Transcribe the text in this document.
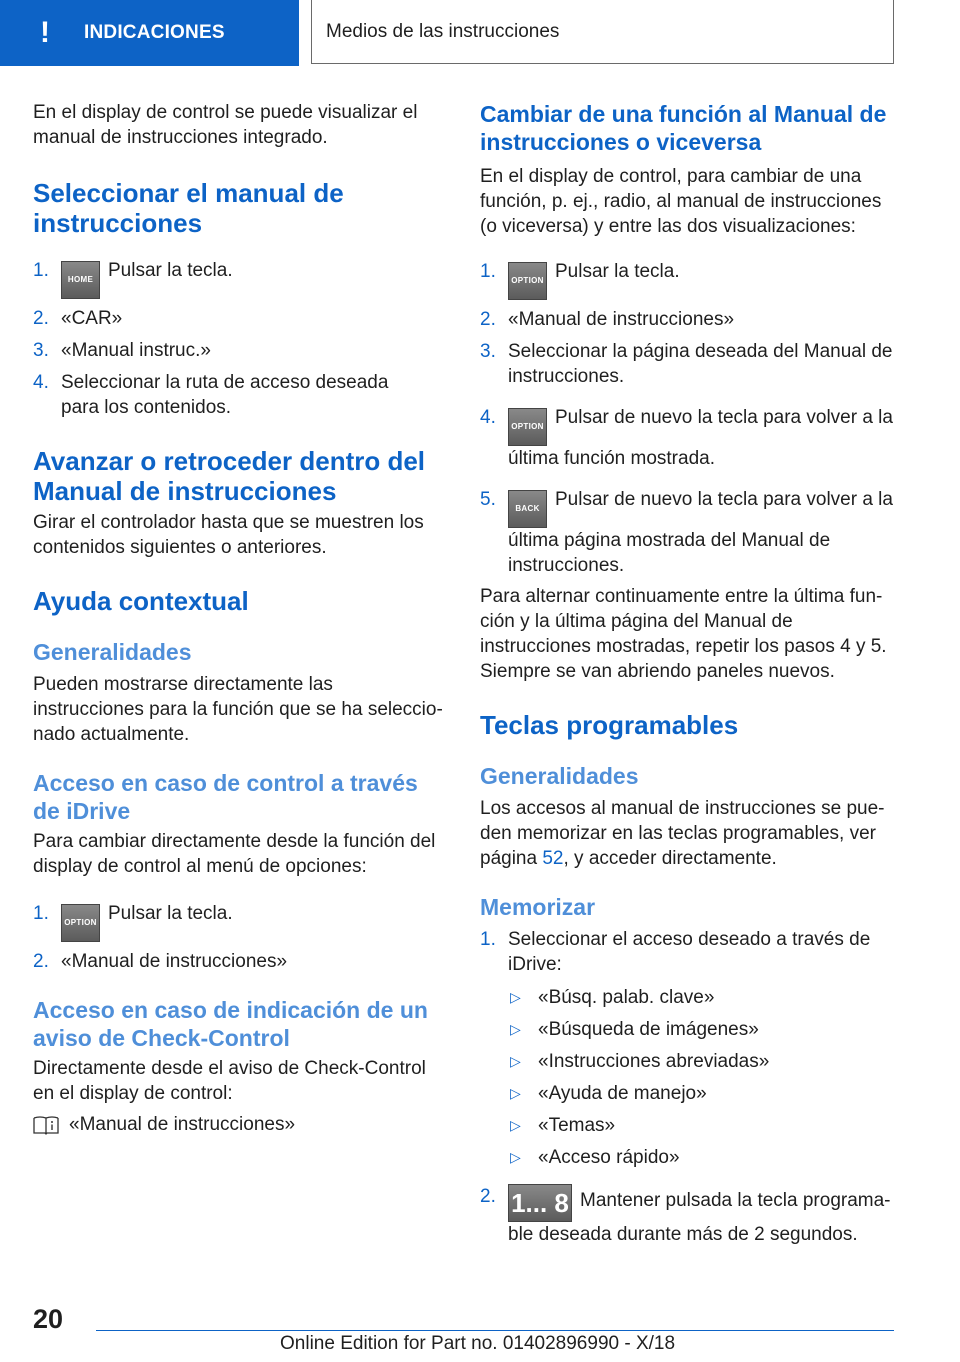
!	INDICACIONES	Medios de las instrucciones

En el display de control se puede visualizar el manual de instrucciones integrado.

Seleccionar el manual de instrucciones
1. HOME Pulsar la tecla.
2. «CAR»
3. «Manual instruc.»
4. Seleccionar la ruta de acceso deseada para los contenidos.
Avanzar o retroceder dentro del Manual de instrucciones

Girar el controlador hasta que se muestren los contenidos siguientes o anteriores.

Ayuda contextual
Generalidades

Pueden mostrarse directamente las instrucciones para la función que se ha seleccio‐nado actualmente.

Acceso en caso de control a través de iDrive

Para cambiar directamente desde la función del display de control al menú de opciones:

1. OPTION Pulsar la tecla.
2. «Manual de instrucciones»
Acceso en caso de indicación de un aviso de Check-Control

Directamente desde el aviso de Check-Control en el display de control:

«Manual de instrucciones»
Cambiar de una función al Manual de instrucciones o viceversa

En el display de control, para cambiar de una función, p. ej., radio, al manual de instrucciones (o viceversa) y entre las dos visualizaciones:

1. OPTION Pulsar la tecla.
2. «Manual de instrucciones»
3. Seleccionar la página deseada del Manual de instrucciones.
4. OPTION Pulsar de nuevo la tecla para volver a la última función mostrada.
5. BACK Pulsar de nuevo la tecla para volver a la última página mostrada del Manual de instrucciones.

Para alternar continuamente entre la última fun‐ción y la última página del Manual de instrucciones mostradas, repetir los pasos 4 y 5. Siempre se van abriendo paneles nuevos.

Teclas programables
Generalidades

Los accesos al manual de instrucciones se pue‐den memorizar en las teclas programables, ver página 52, y acceder directamente.

Memorizar
1. Seleccionar el acceso deseado a través de iDrive:
▷ «Búsq. palab. clave»
▷ «Búsqueda de imágenes»
▷ «Instrucciones abreviadas»
▷ «Ayuda de manejo»
▷ «Temas»
▷ «Acceso rápido»
2. 1... 8 Mantener pulsada la tecla programa‐ble deseada durante más de 2 segundos.
20
Online Edition for Part no. 01402896990 - X/18
